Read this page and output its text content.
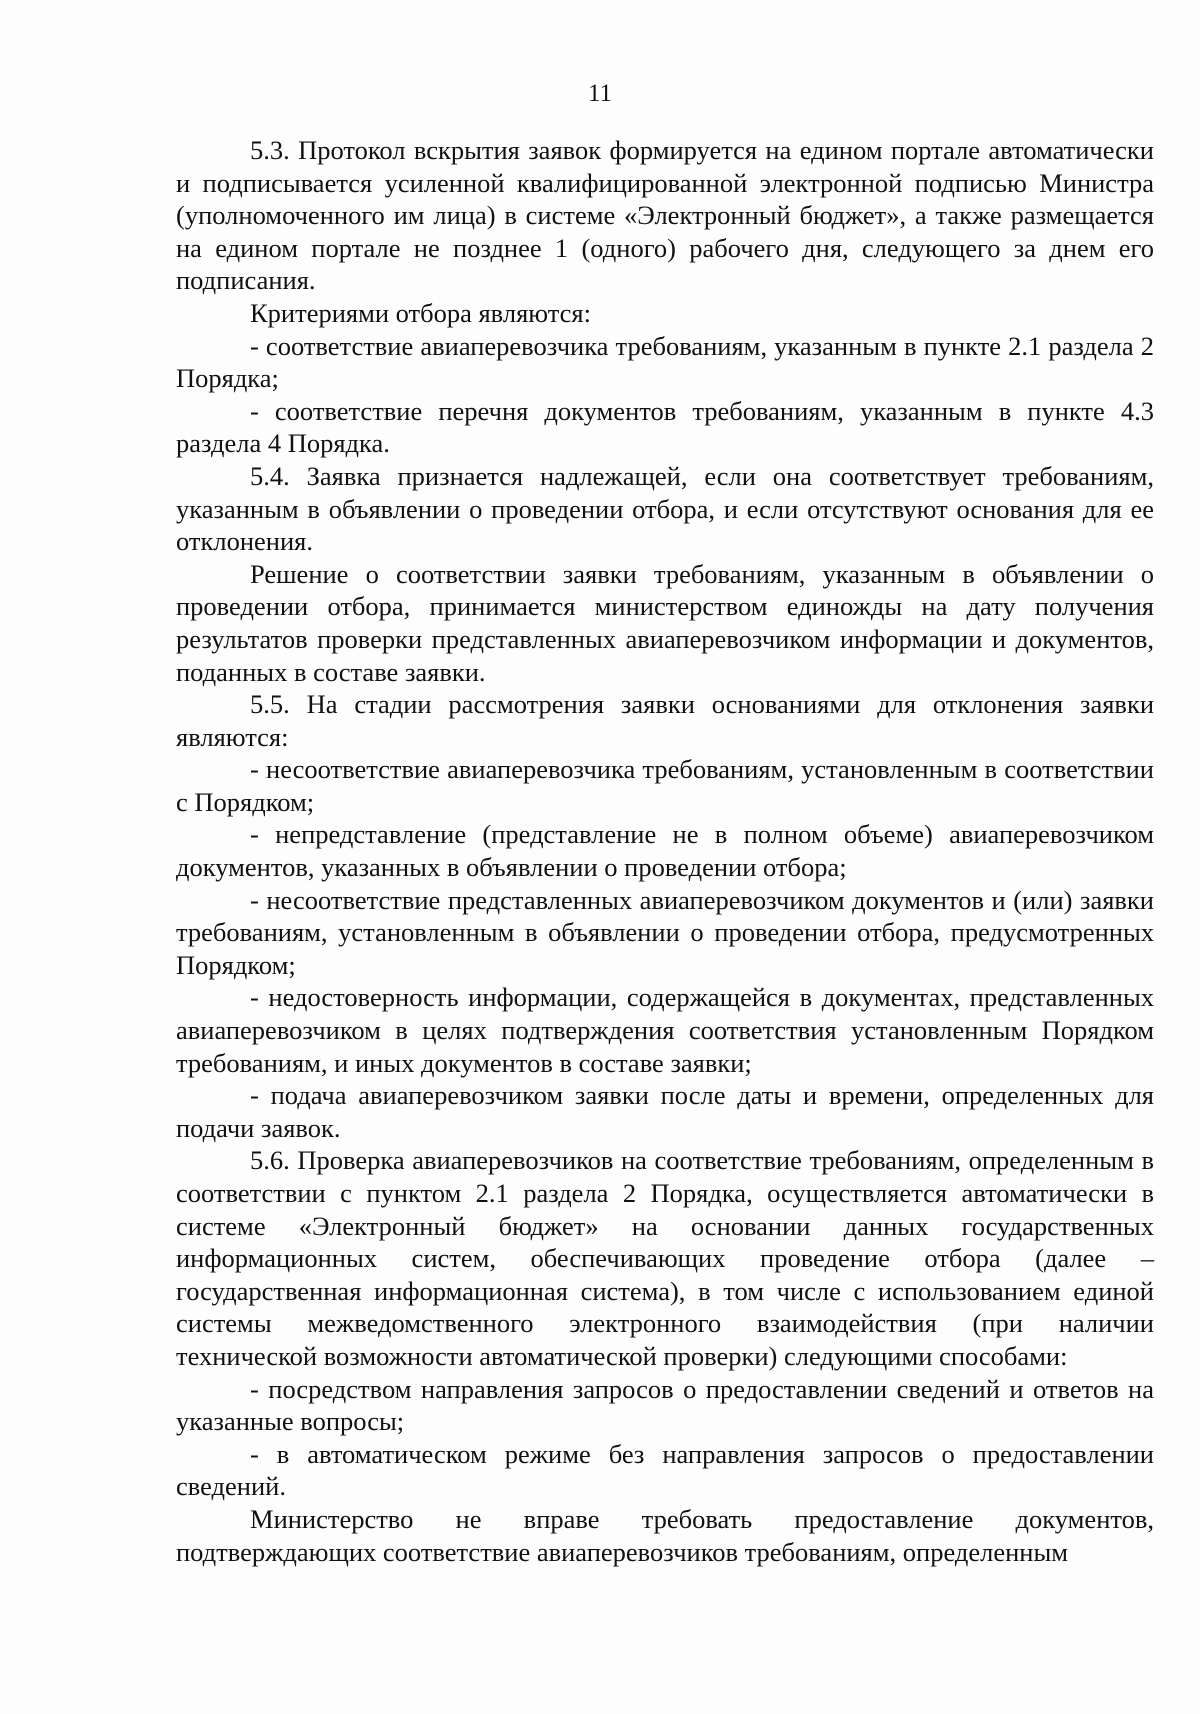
11

5.3. Протокол вскрытия заявок формируется на едином портале автоматически и подписывается усиленной квалифицированной электронной подписью Министра (уполномоченного им лица) в системе «Электронный бюджет», а также размещается на едином портале не позднее 1 (одного) рабочего дня, следующего за днем его подписания.

Критериями отбора являются:

- соответствие авиаперевозчика требованиям, указанным в пункте 2.1 раздела 2 Порядка;

- соответствие перечня документов требованиям, указанным в пункте 4.3 раздела 4 Порядка.

5.4. Заявка признается надлежащей, если она соответствует требованиям, указанным в объявлении о проведении отбора, и если отсутствуют основания для ее отклонения.

Решение о соответствии заявки требованиям, указанным в объявлении о проведении отбора, принимается министерством единожды на дату получения результатов проверки представленных авиаперевозчиком информации и документов, поданных в составе заявки.

5.5. На стадии рассмотрения заявки основаниями для отклонения заявки являются:

- несоответствие авиаперевозчика требованиям, установленным в соответствии с Порядком;

- непредставление (представление не в полном объеме) авиаперевозчиком документов, указанных в объявлении о проведении отбора;

- несоответствие представленных авиаперевозчиком документов и (или) заявки требованиям, установленным в объявлении о проведении отбора, предусмотренных Порядком;

- недостоверность информации, содержащейся в документах, представленных авиаперевозчиком в целях подтверждения соответствия установленным Порядком требованиям, и иных документов в составе заявки;

- подача авиаперевозчиком заявки после даты и времени, определенных для подачи заявок.

5.6. Проверка авиаперевозчиков на соответствие требованиям, определенным в соответствии с пунктом 2.1 раздела 2 Порядка, осуществляется автоматически в системе «Электронный бюджет» на основании данных государственных информационных систем, обеспечивающих проведение отбора (далее – государственная информационная система), в том числе с использованием единой системы межведомственного электронного взаимодействия (при наличии технической возможности автоматической проверки) следующими способами:

- посредством направления запросов о предоставлении сведений и ответов на указанные вопросы;

- в автоматическом режиме без направления запросов о предоставлении сведений.

Министерство не вправе требовать предоставление документов, подтверждающих соответствие авиаперевозчиков требованиям, определенным
